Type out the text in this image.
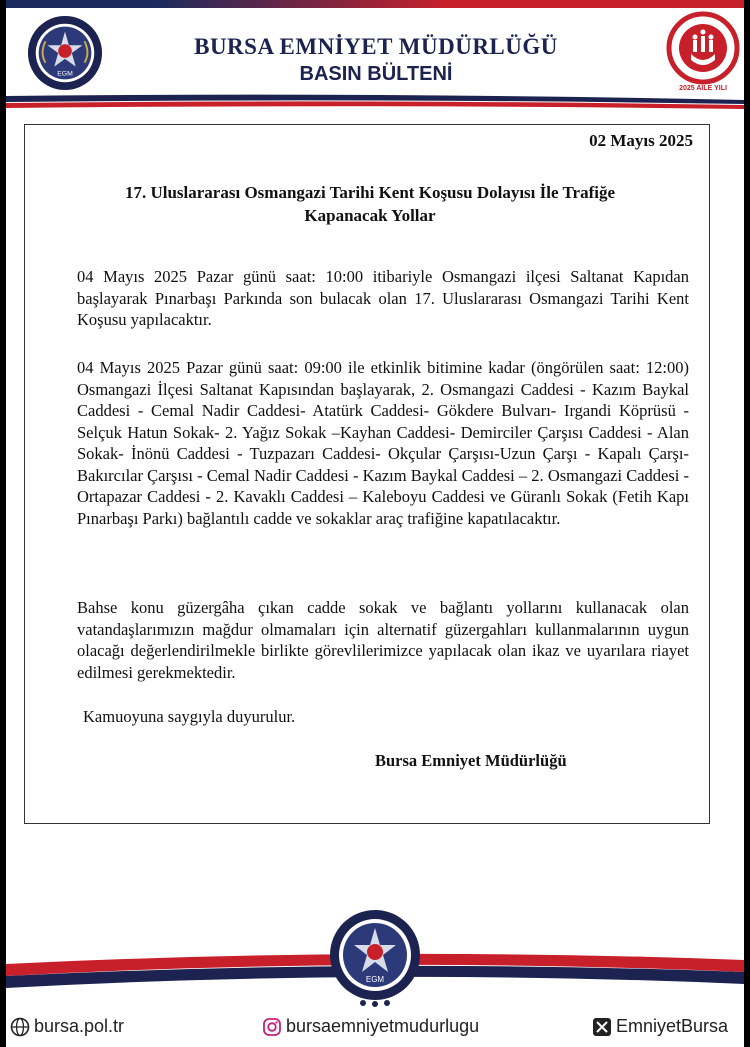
EGM
BURSA EMNİYET MÜDÜRLÜĞÜ
BASIN BÜLTENİ
2025 AİLE YILI
02 Mayıs 2025
17. Uluslararası Osmangazi Tarihi Kent Koşusu Dolayısı İle Trafiğe
Kapanacak Yollar
04 Mayıs 2025 Pazar günü saat: 10:00 itibariyle Osmangazi ilçesi Saltanat Kapıdan başlayarak Pınarbaşı Parkında son bulacak olan 17. Uluslararası Osmangazi Tarihi Kent Koşusu yapılacaktır.
04 Mayıs 2025 Pazar günü saat: 09:00 ile etkinlik bitimine kadar (öngörülen saat: 12:00) Osmangazi İlçesi Saltanat Kapısından başlayarak, 2. Osmangazi Caddesi - Kazım Baykal Caddesi - Cemal Nadir Caddesi- Atatürk Caddesi- Gökdere Bulvarı- Irgandi Köprüsü - Selçuk Hatun Sokak- 2. Yağız Sokak –Kayhan Caddesi- Demirciler Çarşısı Caddesi - Alan Sokak- İnönü Caddesi - Tuzpazarı Caddesi- Okçular Çarşısı-Uzun Çarşı - Kapalı Çarşı- Bakırcılar Çarşısı - Cemal Nadir Caddesi - Kazım Baykal Caddesi – 2. Osmangazi Caddesi - Ortapazar Caddesi - 2. Kavaklı Caddesi – Kaleboyu Caddesi ve Güranlı Sokak (Fetih Kapı Pınarbaşı Parkı) bağlantılı cadde ve sokaklar araç trafiğine kapatılacaktır.
Bahse konu güzergâha çıkan cadde sokak ve bağlantı yollarını kullanacak olan vatandaşlarımızın mağdur olmamaları için alternatif güzergahları kullanmalarının uygun olacağı değerlendirilmekle birlikte görevlilerimizce yapılacak olan ikaz ve uyarılara riayet edilmesi gerekmektedir.
Kamuoyuna saygıyla duyurulur.
Bursa Emniyet Müdürlüğü
EGM
bursa.pol.tr	bursaemniyetmudurlugu	EmniyetBursa
